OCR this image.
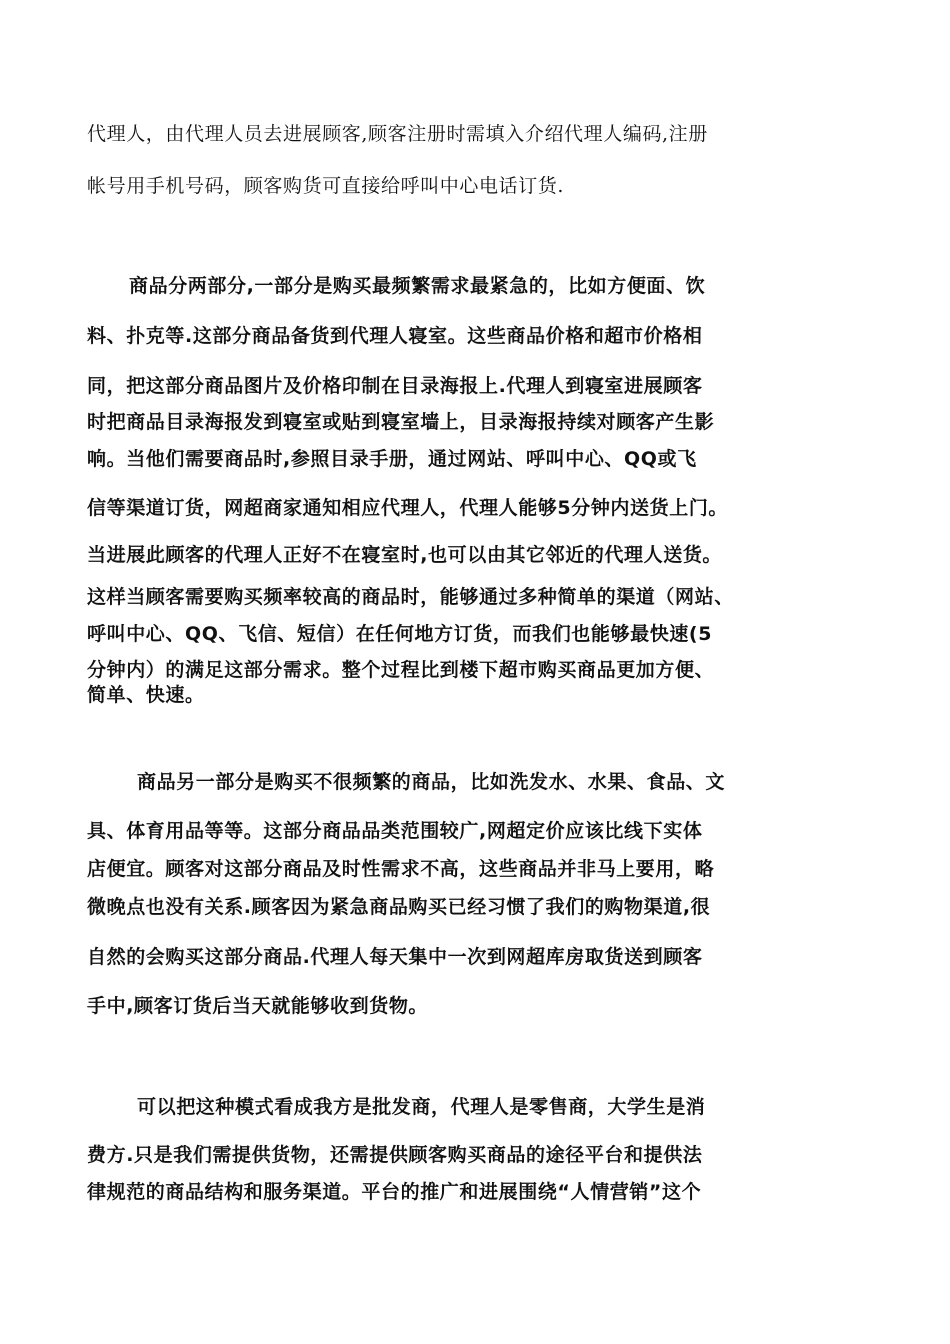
代理人，由代理人员去进展顾客,顾客注册时需填入介绍代理人编码,注册
帐号用手机号码，顾客购货可直接给呼叫中心电话订货.
商品分两部分,一部分是购买最频繁需求最紧急的，比如方便面、饮
料、扑克等.这部分商品备货到代理人寝室。这些商品价格和超市价格相
同，把这部分商品图片及价格印制在目录海报上.代理人到寝室进展顾客
时把商品目录海报发到寝室或贴到寝室墙上，目录海报持续对顾客产生影
响。当他们需要商品时,参照目录手册，通过网站、呼叫中心、QQ或飞
信等渠道订货，网超商家通知相应代理人，代理人能够5分钟内送货上门。
当进展此顾客的代理人正好不在寝室时,也可以由其它邻近的代理人送货。
这样当顾客需要购买频率较高的商品时，能够通过多种简单的渠道（网站、
呼叫中心、QQ、飞信、短信）在任何地方订货，而我们也能够最快速(5
分钟内）的满足这部分需求。整个过程比到楼下超市购买商品更加方便、
简单、快速。
商品另一部分是购买不很频繁的商品，比如洗发水、水果、食品、文
具、体育用品等等。这部分商品品类范围较广,网超定价应该比线下实体
店便宜。顾客对这部分商品及时性需求不高，这些商品并非马上要用，略
微晚点也没有关系.顾客因为紧急商品购买已经习惯了我们的购物渠道,很
自然的会购买这部分商品.代理人每天集中一次到网超库房取货送到顾客
手中,顾客订货后当天就能够收到货物。
可以把这种模式看成我方是批发商，代理人是零售商，大学生是消
费方.只是我们需提供货物，还需提供顾客购买商品的途径平台和提供法
律规范的商品结构和服务渠道。平台的推广和进展围绕“人情营销”这个
